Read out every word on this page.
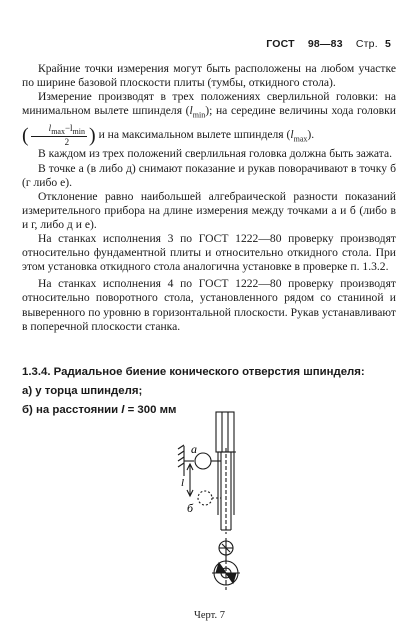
ГОСТ 98—83 Стр. 5

Крайние точки измерения могут быть расположены на любом участке по ширине базовой плоскости плиты (тумбы, откидного стола).

Измерение производят в трех положениях сверлильной головки: на минимальном вылете шпинделя $(l_{min})$; на середине величины хода головки ( $\frac{l_{max}-l_{min}}{2}$ ) и на максимальном вылете шпинделя $(l_{max})$.

В каждом из трех положений сверлильная головка должна быть зажата.

В точке а (в либо д) снимают показание и рукав поворачивают в точку б (г либо е).

Отклонение равно наибольшей алгебраической разности показаний измерительного прибора на длине измерения между точками а и б (либо в и г, либо д и е).

На станках исполнения 3 по ГОСТ 1222—80 проверку производят относительно фундаментной плиты и относительно откидного стола. При этом установка откидного стола аналогична установке в проверке п. 1.3.2.

На станках исполнения 4 по ГОСТ 1222—80 проверку производят относительно поворотного стола, установленного рядом со станиной и выверенного по уровню в горизонтальной плоскости. Рукав устанавливают в поперечной плоскости станка.

1.3.4. Радиальное биение конического отверстия шпинделя:
а) у торца шпинделя;
б) на расстоянии l = 300 мм
а
l
б
Черт. 7
